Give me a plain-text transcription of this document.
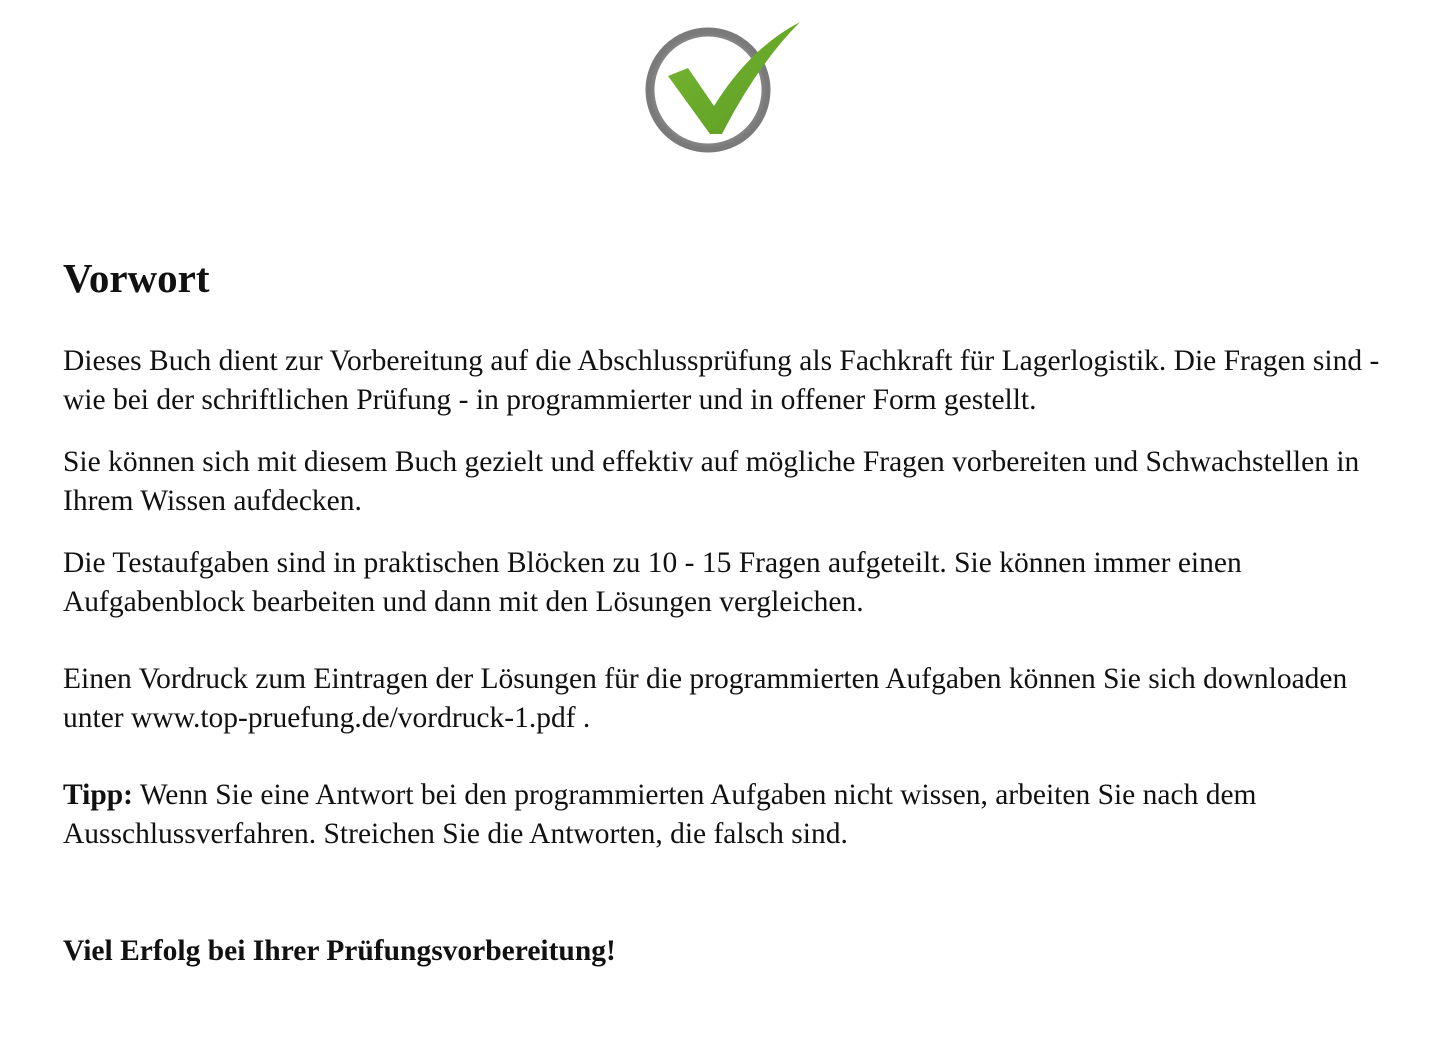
Vorwort

Dieses Buch dient zur Vorbereitung auf die Abschlussprüfung als Fachkraft für Lagerlogistik. Die Fragen sind - wie bei der schriftlichen Prüfung - in programmierter und in offener Form gestellt.

Sie können sich mit diesem Buch gezielt und effektiv auf mögliche Fragen vorbereiten und Schwachstellen in Ihrem Wissen aufdecken.

Die Testaufgaben sind in praktischen Blöcken zu 10 - 15 Fragen aufgeteilt. Sie können immer einen Aufgabenblock bearbeiten und dann mit den Lösungen vergleichen.

Einen Vordruck zum Eintragen der Lösungen für die programmierten Aufgaben können Sie sich downloaden unter www.top-pruefung.de/vordruck-1.pdf .

Tipp: Wenn Sie eine Antwort bei den programmierten Aufgaben nicht wissen, arbeiten Sie nach dem Ausschlussverfahren. Streichen Sie die Antworten, die falsch sind.

Viel Erfolg bei Ihrer Prüfungsvorbereitung!
